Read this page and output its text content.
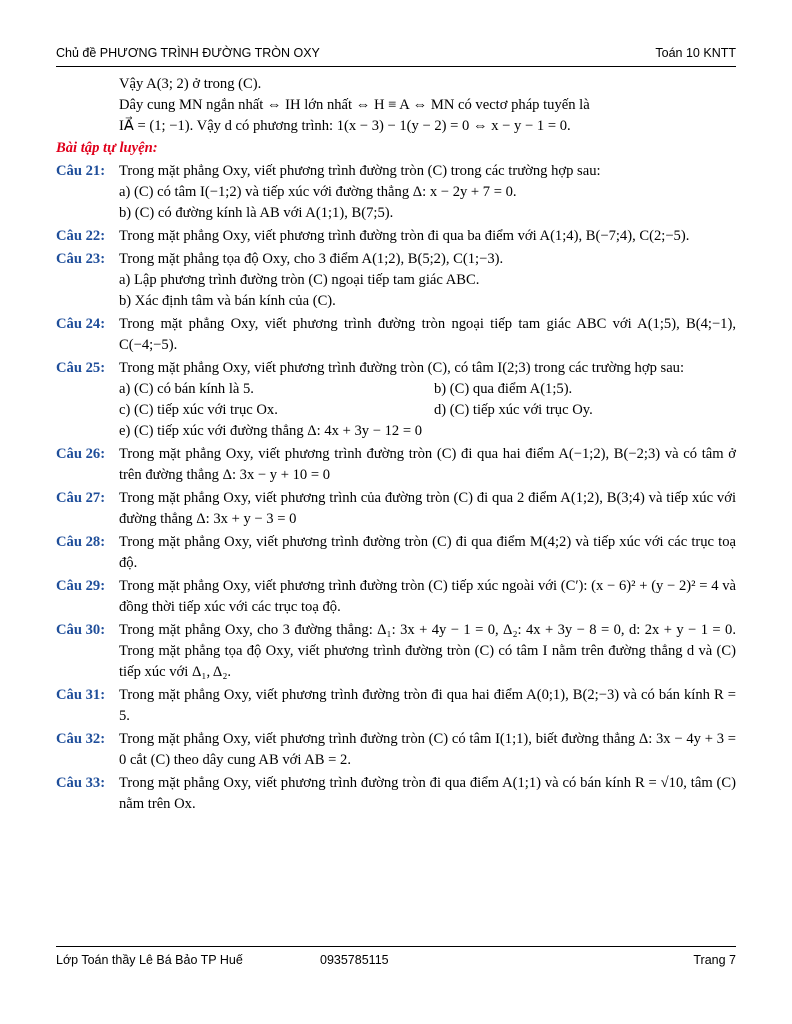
Chủ đề PHƯƠNG TRÌNH ĐƯỜNG TRÒN OXY	Toán 10 KNTT

Vậy A(3; 2) ở trong (C).

Dây cung MN ngắn nhất ⇔ IH lớn nhất ⇔ H ≡ A ⇔ MN có vectơ pháp tuyến là

IA⃗ = (1; −1). Vậy d có phương trình: 1(x − 3) − 1(y − 2) = 0 ⇔ x − y − 1 = 0.

Bài tập tự luyện:

Câu 21: Trong mặt phẳng Oxy, viết phương trình đường tròn (C) trong các trường hợp sau:
a) (C) có tâm I(−1;2) và tiếp xúc với đường thẳng Δ: x − 2y + 7 = 0.
b) (C) có đường kính là AB với A(1;1), B(7;5).
Câu 22: Trong mặt phẳng Oxy, viết phương trình đường tròn đi qua ba điểm với A(1;4), B(−7;4), C(2;−5).
Câu 23: Trong mặt phẳng tọa độ Oxy, cho 3 điểm A(1;2), B(5;2), C(1;−3).
a) Lập phương trình đường tròn (C) ngoại tiếp tam giác ABC.
b) Xác định tâm và bán kính của (C).
Câu 24: Trong mặt phẳng Oxy, viết phương trình đường tròn ngoại tiếp tam giác ABC với A(1;5), B(4;−1), C(−4;−5).
Câu 25: Trong mặt phẳng Oxy, viết phương trình đường tròn (C), có tâm I(2;3) trong các trường hợp sau:
a) (C) có bán kính là 5.	b) (C) qua điểm A(1;5).
c) (C) tiếp xúc với trục Ox.	d) (C) tiếp xúc với trục Oy.
e) (C) tiếp xúc với đường thẳng Δ: 4x + 3y − 12 = 0
Câu 26: Trong mặt phẳng Oxy, viết phương trình đường tròn (C) đi qua hai điểm A(−1;2), B(−2;3) và có tâm ở trên đường thẳng Δ: 3x − y + 10 = 0
Câu 27: Trong mặt phẳng Oxy, viết phương trình của đường tròn (C) đi qua 2 điểm A(1;2), B(3;4) và tiếp xúc với đường thẳng Δ: 3x + y − 3 = 0
Câu 28: Trong mặt phẳng Oxy, viết phương trình đường tròn (C) đi qua điểm M(4;2) và tiếp xúc với các trục toạ độ.
Câu 29: Trong mặt phẳng Oxy, viết phương trình đường tròn (C) tiếp xúc ngoài với (C′): (x − 6)² + (y − 2)² = 4 và đồng thời tiếp xúc với các trục toạ độ.
Câu 30: Trong mặt phẳng Oxy, cho 3 đường thẳng: Δ₁: 3x + 4y − 1 = 0, Δ₂: 4x + 3y − 8 = 0, d: 2x + y − 1 = 0. Trong mặt phẳng tọa độ Oxy, viết phương trình đường tròn (C) có tâm I nằm trên đường thẳng d và (C) tiếp xúc với Δ₁, Δ₂.
Câu 31: Trong mặt phẳng Oxy, viết phương trình đường tròn đi qua hai điểm A(0;1), B(2;−3) và có bán kính R = 5.
Câu 32: Trong mặt phẳng Oxy, viết phương trình đường tròn (C) có tâm I(1;1), biết đường thẳng Δ: 3x − 4y + 3 = 0 cắt (C) theo dây cung AB với AB = 2.
Câu 33: Trong mặt phẳng Oxy, viết phương trình đường tròn đi qua điểm A(1;1) và có bán kính R = √10, tâm (C) nằm trên Ox.
Lớp Toán thầy Lê Bá Bảo TP Huế	0935785115	Trang 7
